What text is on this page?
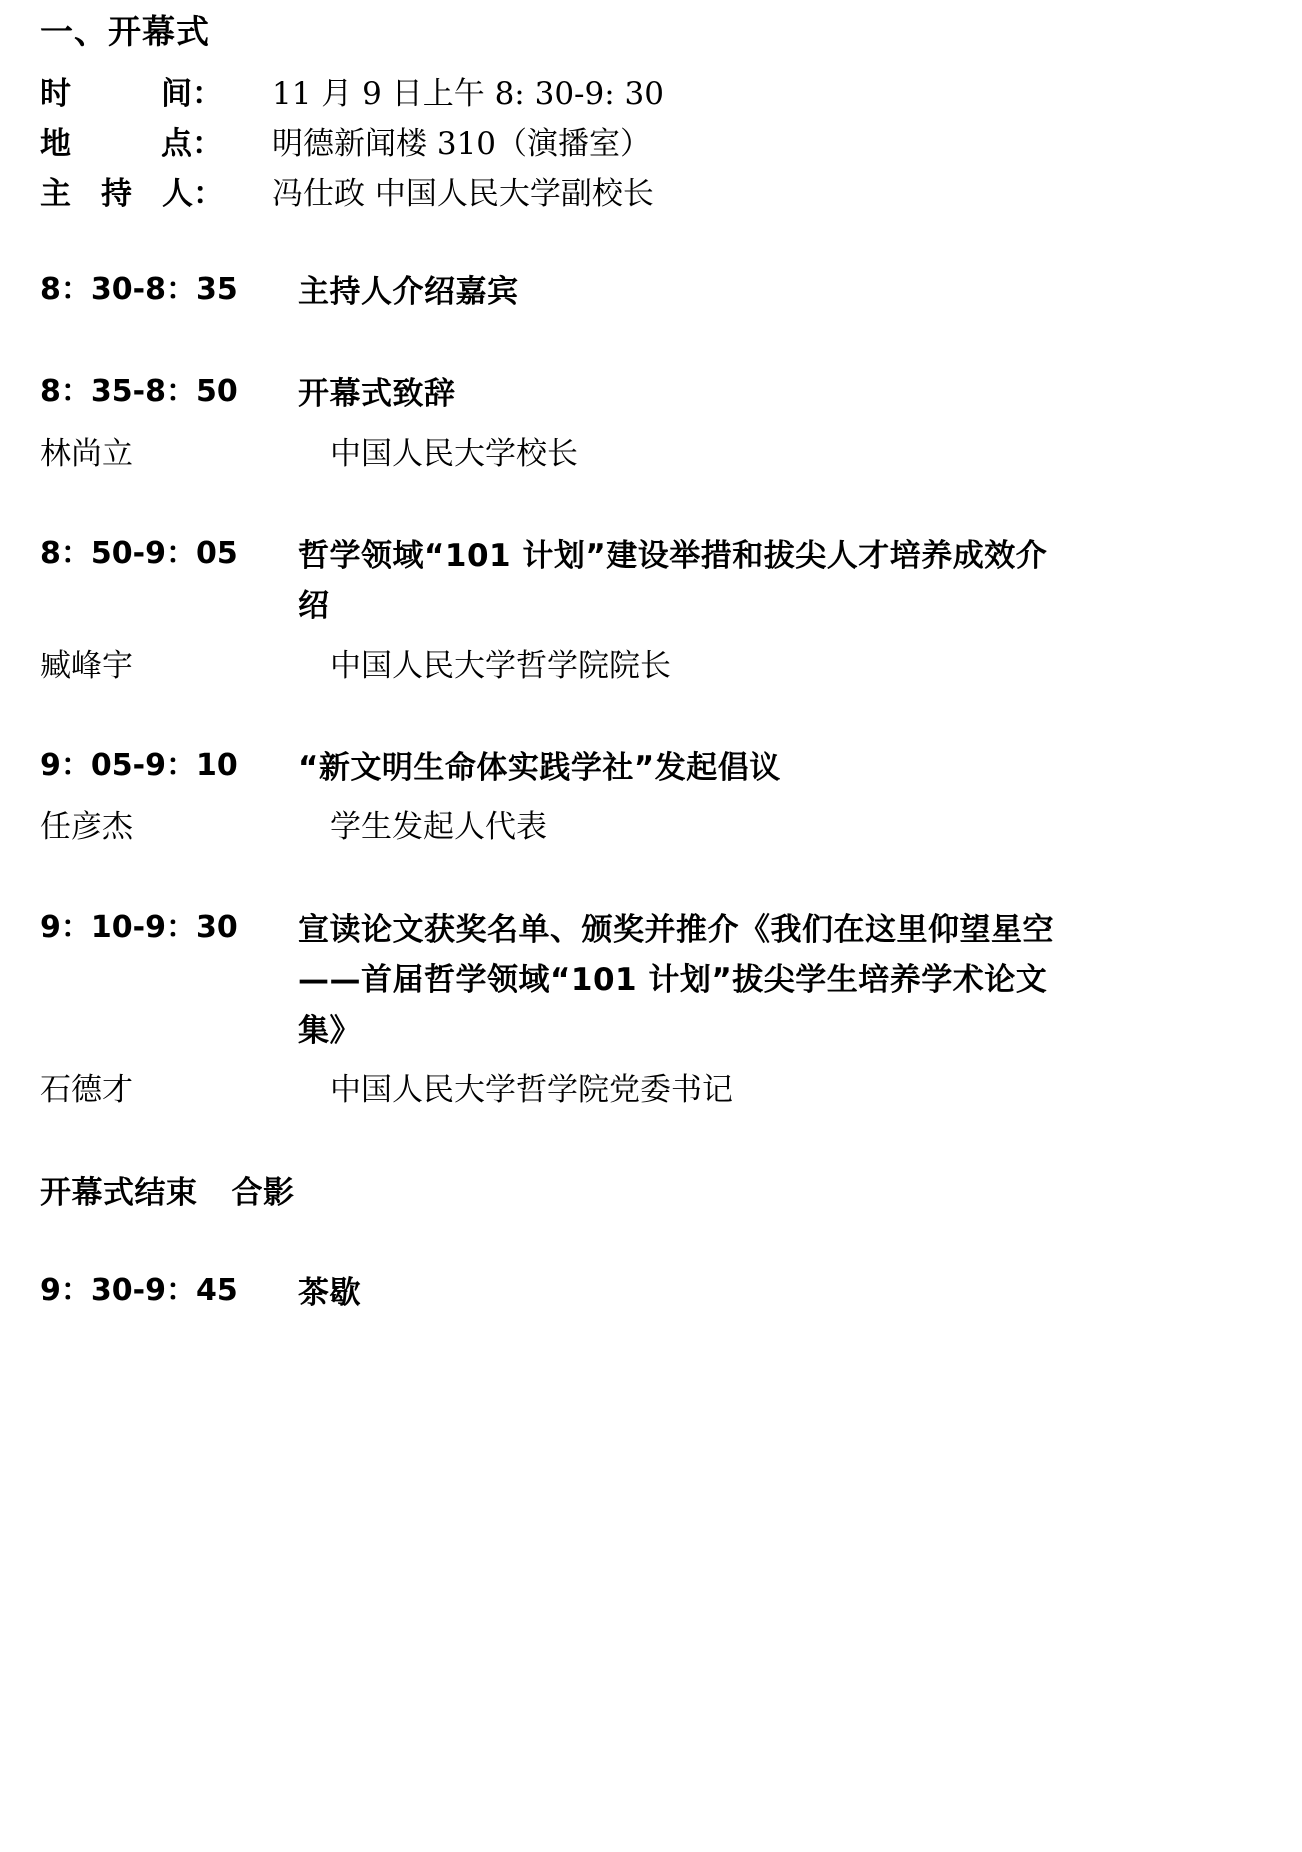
一、开幕式
时	间：	11 月 9 日上午 8: 30-9: 30
地	点：	明德新闻楼 310（演播室）
主 持 人：	冯仕政 中国人民大学副校长
8：30-8：35	主持人介绍嘉宾
8：35-8：50	开幕式致辞
林尚立	中国人民大学校长
8：50-9：05	哲学领域“101 计划”建设举措和拔尖人才培养成效介绍
臧峰宇	中国人民大学哲学院院长
9：05-9：10	“新文明生命体实践学社”发起倡议
任彦杰	学生发起人代表
9：10-9：30	宣读论文获奖名单、颁奖并推介《我们在这里仰望星空——首届哲学领域“101 计划”拔尖学生培养学术论文集》
石德才	中国人民大学哲学院党委书记
开幕式结束 合影
9：30-9：45	茶歇
